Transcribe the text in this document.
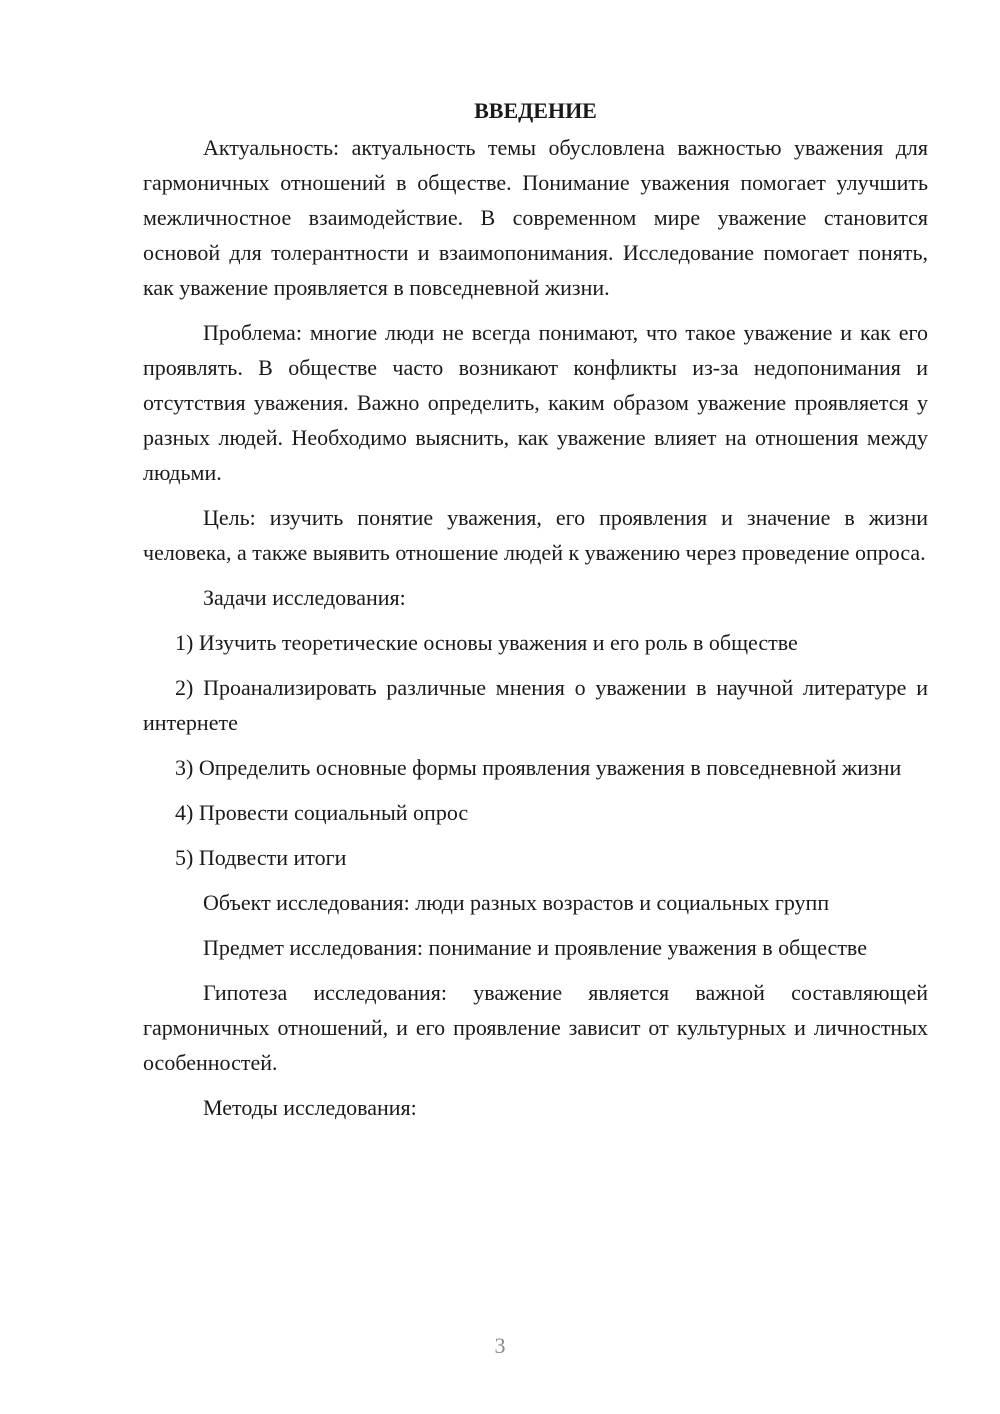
ВВЕДЕНИЕ

Актуальность: актуальность темы обусловлена важностью уважения для гармоничных отношений в обществе. Понимание уважения помогает улучшить межличностное взаимодействие. В современном мире уважение становится основой для толерантности и взаимопонимания. Исследование помогает понять, как уважение проявляется в повседневной жизни.

Проблема: многие люди не всегда понимают, что такое уважение и как его проявлять. В обществе часто возникают конфликты из-за недопонимания и отсутствия уважения. Важно определить, каким образом уважение проявляется у разных людей. Необходимо выяснить, как уважение влияет на отношения между людьми.

Цель: изучить понятие уважения, его проявления и значение в жизни человека, а также выявить отношение людей к уважению через проведение опроса.

Задачи исследования:

1) Изучить теоретические основы уважения и его роль в обществе

2) Проанализировать различные мнения о уважении в научной литературе и интернете

3) Определить основные формы проявления уважения в повседневной жизни

4) Провести социальный опрос

5) Подвести итоги

Объект исследования: люди разных возрастов и социальных групп

Предмет исследования: понимание и проявление уважения в обществе

Гипотеза исследования: уважение является важной составляющей гармоничных отношений, и его проявление зависит от культурных и личностных особенностей.

Методы исследования:

3
